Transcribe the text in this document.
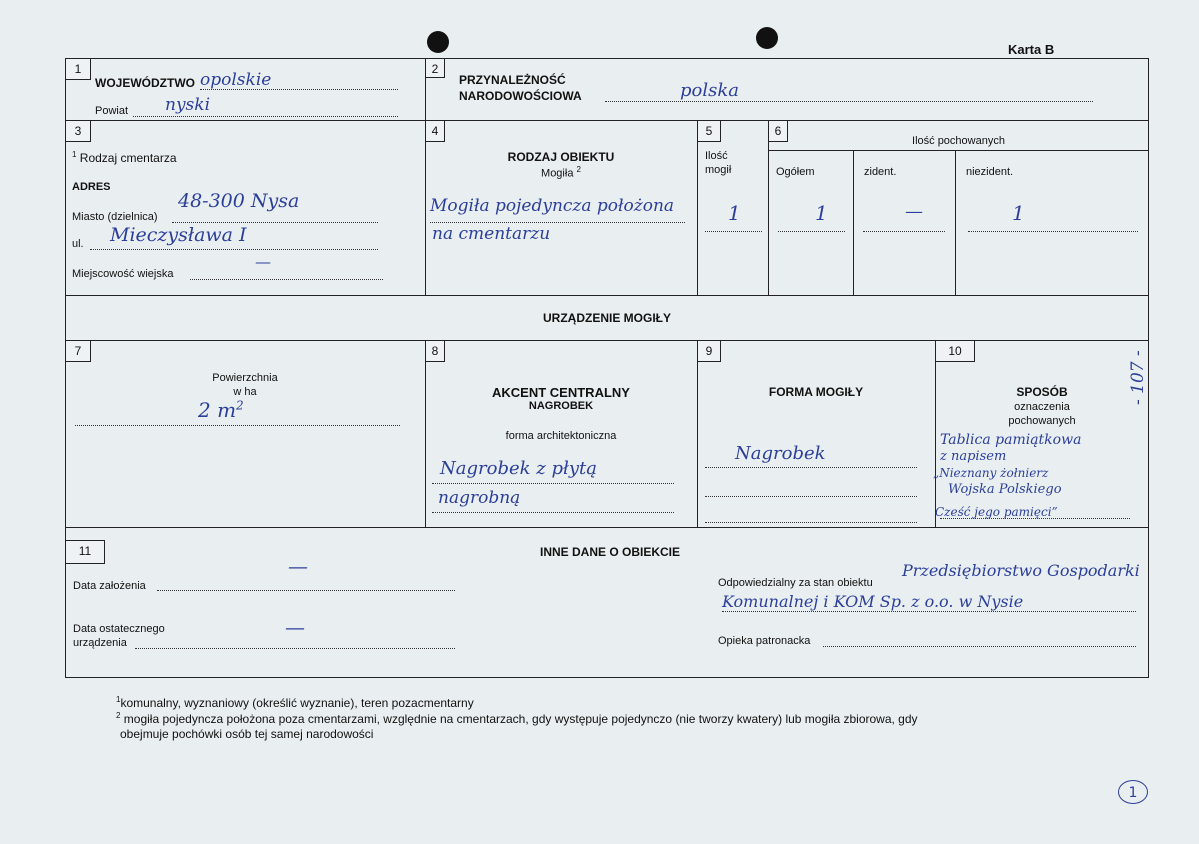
Karta B
1	2
3	4	5	6
7	8	9	10
11
WOJEWÓDZTWO opolskie
Powiat nyski
PRZYNALEŻNOŚĆ
NARODOWOŚCIOWA	polska
$^1$ Rodzaj cmentarza
ADRES
Miasto (dzielnica)
48-300 Nysa
ul. Mieczysława I
Miejscowość wiejska
—
RODZAJ OBIEKTU
Mogiła $^2$
Mogiła pojedyncza położona
na cmentarzu
Ilość
mogił
1
Ilość pochowanych
Ogółem	zident.	niezident.
1	—	1
URZĄDZENIE MOGIŁY
Powierzchnia
w ha
2 $m^2$
AKCENT CENTRALNY
NAGROBEK
forma architektoniczna
Nagrobek z płytą
nagrobną
FORMA MOGIŁY
Nagrobek
SPOSÓB
oznaczenia
pochowanych
Tablica pamiątkowa
z napisem
„Nieznany żołnierz
Wojska Polskiego
Cześć jego pamięci”
INNE DANE O OBIEKCIE
Data założenia
—
Data ostatecznego
urządzenia
—
Odpowiedzialny za stan obiektu
Przedsiębiorstwo Gospodarki
Komunalnej i KOM Sp. z o.o. w Nysie
Opieka patronacka
$^1$komunalny, wyznaniowy (określić wyznanie), teren pozacmentarny
$^2$ mogiła pojedyncza położona poza cmentarzami, względnie na cmentarzach, gdy występuje pojedynczo (nie tworzy kwatery) lub mogiła zbiorowa, gdy
obejmuje pochówki osób tej samej narodowości
- 107 -
1
